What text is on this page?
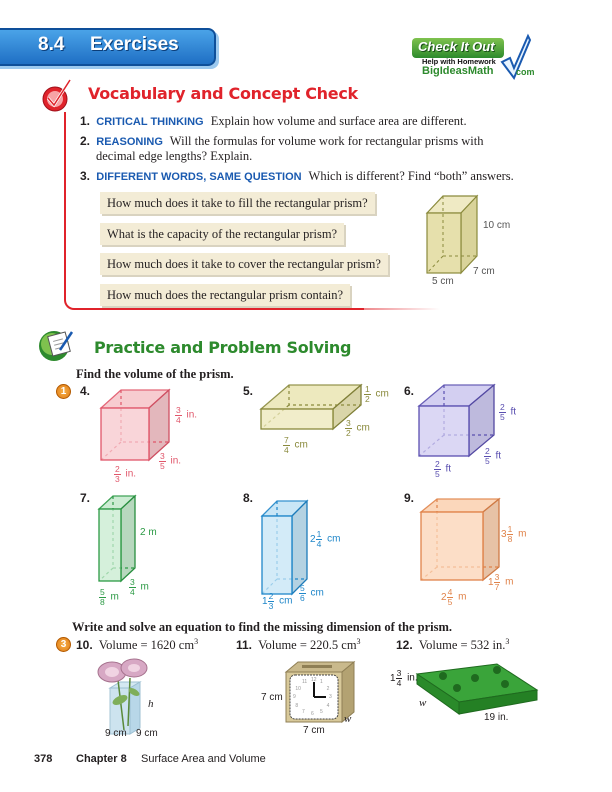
8.4 Exercises	Check It Out
Help with Homework
BigIdeasMath com
Vocabulary and Concept Check
1. CRITICAL THINKING Explain how volume and surface area are different.
2. REASONING Will the formulas for volume work for rectangular prisms with
decimal edge lengths? Explain.
3. DIFFERENT WORDS, SAME QUESTION Which is different? Find “both” answers.
How much does it take to fill the rectangular prism?
What is the capacity of the rectangular prism?
How much does it take to cover the rectangular prism?
How much does the rectangular prism contain?
10 cm
7 cm
5 cm
Practice and Problem Solving
Find the volume of the prism.
1	4.	5.	6.
7.	8.	9.
$\frac{3}{4}$ in.
$\frac{3}{5}$ in.
$\frac{2}{3}$ in.
$\frac{1}{2}$ cm
$\frac{3}{2}$ cm
$\frac{7}{4}$ cm
$\frac{2}{5}$ ft
$\frac{2}{5}$ ft
$\frac{2}{5}$ ft
2 m
$\frac{3}{4}$ m
$\frac{5}{8}$ m
$2 \frac{1}{4}$ cm
$\frac{5}{6}$ cm
$1 \frac{2}{3}$ cm
$3 \frac{1}{8}$ m
$1 \frac{3}{7}$ m
$2 \frac{4}{5}$ m
Write and solve an equation to find the missing dimension of the prism.
3 10. Volume = 1620 $cm^3$	11. Volume = 220.5 $cm^3$	12. Volume = 532 in.$^3$
h
9 cm 9 cm
12 1
2
3
4
5
6
7
8
9
10
11
7 cm
7 cm
w
$1 \frac{3}{4}$ in.
w
19 in.
378 Chapter 8 Surface Area and Volume
